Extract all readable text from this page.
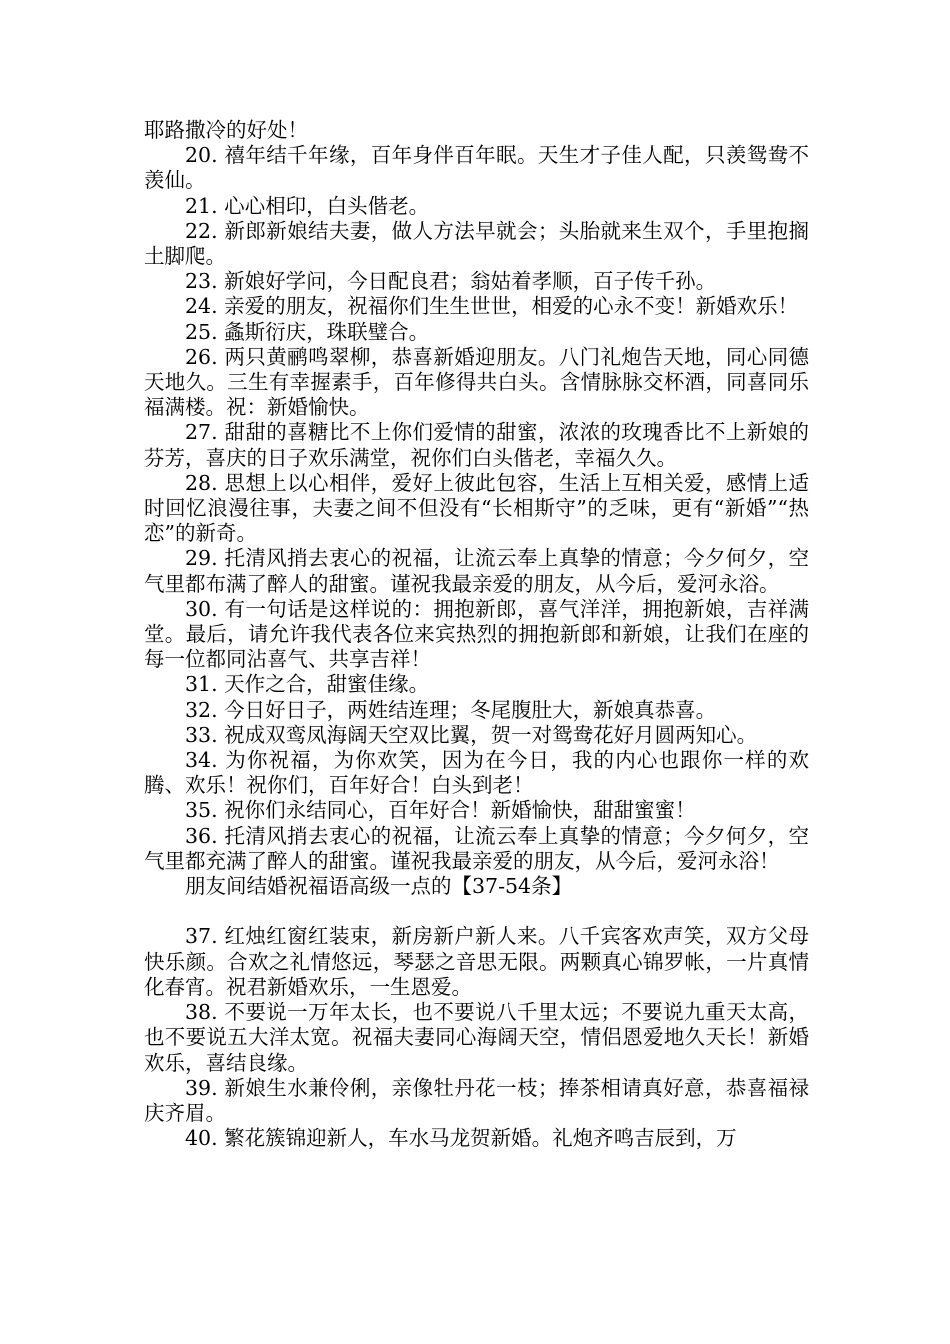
耶路撒冷的好处！

20. 禧年结千年缘，百年身伴百年眠。天生才子佳人配，只羡鸳鸯不羡仙。

21. 心心相印，白头偕老。

22. 新郎新娘结夫妻，做人方法早就会；头胎就来生双个，手里抱搁土脚爬。

23. 新娘好学问，今日配良君；翁姑着孝顺，百子传千孙。

24. 亲爱的朋友，祝福你们生生世世，相爱的心永不变！新婚欢乐！

25. 螽斯衍庆，珠联璧合。

26. 两只黄鹂鸣翠柳，恭喜新婚迎朋友。八门礼炮告天地，同心同德天地久。三生有幸握素手，百年修得共白头。含情脉脉交杯酒，同喜同乐福满楼。祝：新婚愉快。

27. 甜甜的喜糖比不上你们爱情的甜蜜，浓浓的玫瑰香比不上新娘的芬芳，喜庆的日子欢乐满堂，祝你们白头偕老，幸福久久。

28. 思想上以心相伴，爱好上彼此包容，生活上互相关爱，感情上适时回忆浪漫往事，夫妻之间不但没有“长相斯守”的乏味，更有“新婚”“热恋”的新奇。

29. 托清风捎去衷心的祝福，让流云奉上真挚的情意；今夕何夕，空气里都布满了醉人的甜蜜。谨祝我最亲爱的朋友，从今后，爱河永浴。

30. 有一句话是这样说的：拥抱新郎，喜气洋洋，拥抱新娘，吉祥满堂。最后，请允许我代表各位来宾热烈的拥抱新郎和新娘，让我们在座的每一位都同沾喜气、共享吉祥！

31. 天作之合，甜蜜佳缘。

32. 今日好日子，两姓结连理；冬尾腹肚大，新娘真恭喜。

33. 祝成双鸾凤海阔天空双比翼，贺一对鸳鸯花好月圆两知心。

34. 为你祝福，为你欢笑，因为在今日，我的内心也跟你一样的欢腾、欢乐！祝你们，百年好合！白头到老！

35. 祝你们永结同心，百年好合！新婚愉快，甜甜蜜蜜！

36. 托清风捎去衷心的祝福，让流云奉上真挚的情意；今夕何夕，空气里都充满了醉人的甜蜜。谨祝我最亲爱的朋友，从今后，爱河永浴！

朋友间结婚祝福语高级一点的【37-54条】

37. 红烛红窗红装束，新房新户新人来。八千宾客欢声笑，双方父母快乐颜。合欢之礼情悠远，琴瑟之音思无限。两颗真心锦罗帐，一片真情化春宵。祝君新婚欢乐，一生恩爱。

38. 不要说一万年太长，也不要说八千里太远；不要说九重天太高，也不要说五大洋太宽。祝福夫妻同心海阔天空，情侣恩爱地久天长！新婚欢乐，喜结良缘。

39. 新娘生水兼伶俐，亲像牡丹花一枝；捧茶相请真好意，恭喜福禄庆齐眉。

40. 繁花簇锦迎新人，车水马龙贺新婚。礼炮齐鸣吉辰到，万
